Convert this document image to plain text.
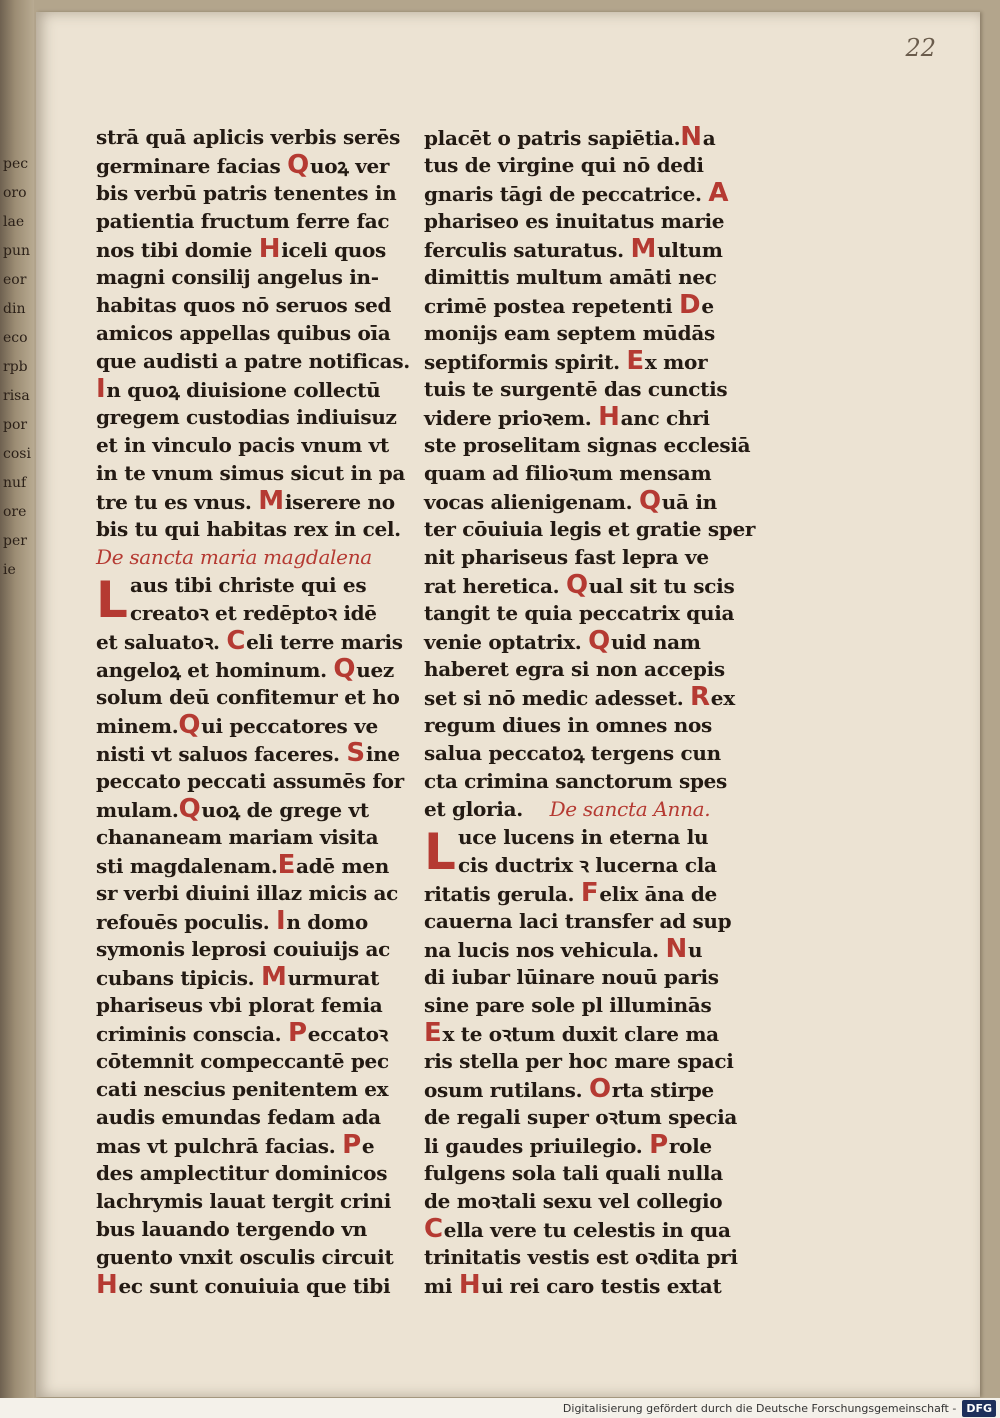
pecorolaepuneordinecorpbrisaporcosinuforeperie
22
strā quā aplicis verbis serēs
germinare facias Quoꝝ ver
bis verbū patris tenentes in
patientia fructum ferre fac
nos tibi domie Hiceli quos
magni consilij angelus in-
habitas quos nō seruos sed
amicos appellas quibus oīa
que audisti a patre notificas.
In quoꝝ diuisione collectū
gregem custodias indiuisuz
et in vinculo pacis vnum vt
in te vnum simus sicut in pa
tre tu es vnus. Miserere no
bis tu qui habitas rex in cel.
De sancta maria magdalena
L aus tibi christe qui es
creatoꝛ et redēptoꝛ idē
et saluatoꝛ. Celi terre maris
angeloꝝ et hominum. Quez
solum deū confitemur et ho
minem.Qui peccatores ve
nisti vt saluos faceres. Sine
peccato peccati assumēs for
mulam.Quoꝝ de grege vt
chananeam mariam visita
sti magdalenam.Eadē men
sr verbi diuini illaz micis ac
refouēs poculis. In domo
symonis leprosi couiuijs ac
cubans tipicis. Murmurat
phariseus vbi plorat femia
criminis conscia. Peccatoꝛ
cōtemnit compeccantē pec
cati nescius penitentem ex
audis emundas fedam ada
mas vt pulchrā facias. Pe
des amplectitur dominicos
lachrymis lauat tergit crini
bus lauando tergendo vn
guento vnxit osculis circuit
Hec sunt conuiuia que tibi
placēt o patris sapiētia.Na
tus de virgine qui nō dedi
gnaris tāgi de peccatrice. A
phariseo es inuitatus marie
ferculis saturatus. Multum
dimittis multum amāti nec
crimē postea repetenti De
monijs eam septem mūdās
septiformis spirit. Ex mor
tuis te surgentē das cunctis
videre prioꝛem. Hanc chri
ste proselitam signas ecclesiā
quam ad filioꝛum mensam
vocas alienigenam. Quā in
ter cōuiuia legis et gratie sper
nit phariseus fast lepra ve
rat heretica. Qual sit tu scis
tangit te quia peccatrix quia
venie optatrix. Quid nam
haberet egra si non accepis
set si nō medic adesset. Rex
regum diues in omnes nos
salua peccatoꝝ tergens cun
cta crimina sanctorum spes
et gloria. De sancta Anna.
L uce lucens in eterna lu
cis ductrix ꝛ lucerna cla
ritatis gerula. Felix āna de
cauerna laci transfer ad sup
na lucis nos vehicula. Nu
di iubar lūinare nouū paris
sine pare sole pl illuminās
Ex te oꝛtum duxit clare ma
ris stella per hoc mare spaci
osum rutilans. Orta stirpe
de regali super oꝛtum specia
li gaudes priuilegio. Prole
fulgens sola tali quali nulla
de moꝛtali sexu vel collegio
Cella vere tu celestis in qua
trinitatis vestis est oꝛdita pri
mi Hui rei caro testis extat
Digitalisierung gefördert durch die Deutsche Forschungsgemeinschaft - DFG
